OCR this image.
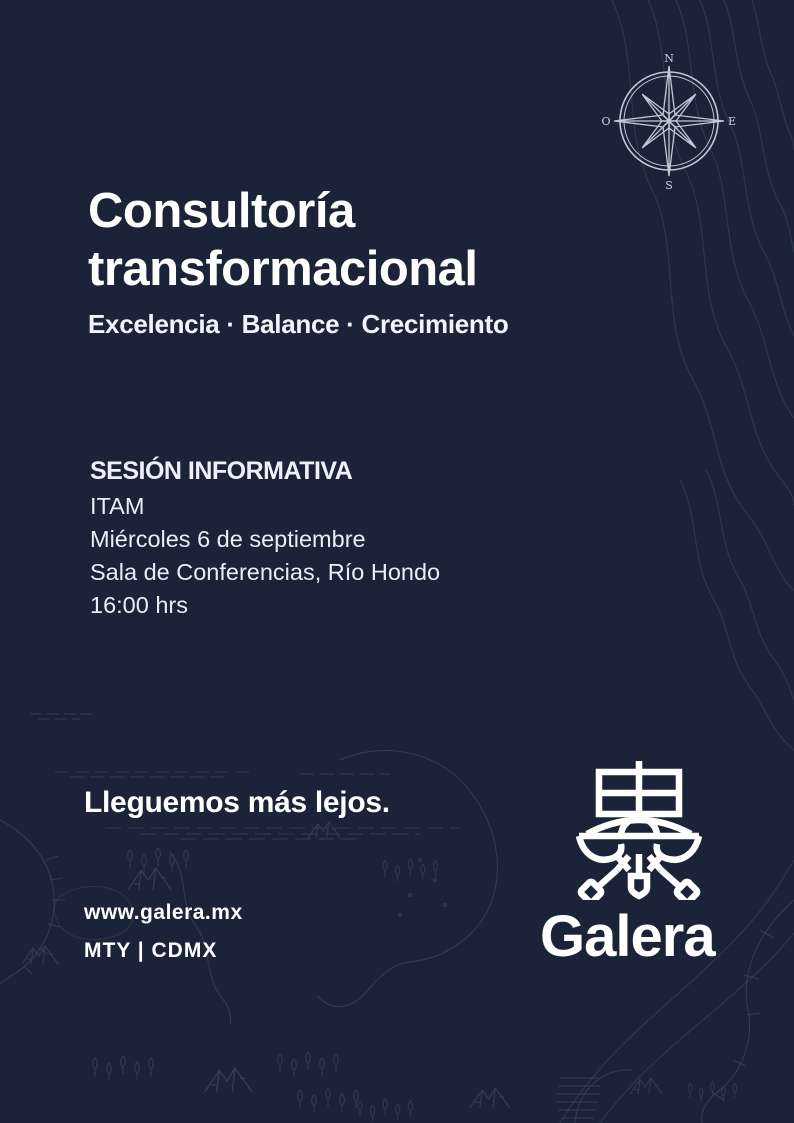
N
E
S
O
Consultoría
transformacional
Excelencia · Balance · Crecimiento
SESIÓN INFORMATIVA
ITAM
Miércoles 6 de septiembre
Sala de Conferencias, Río Hondo
16:00 hrs
Lleguemos más lejos.
www.galera.mx
MTY | CDMX	Galera
